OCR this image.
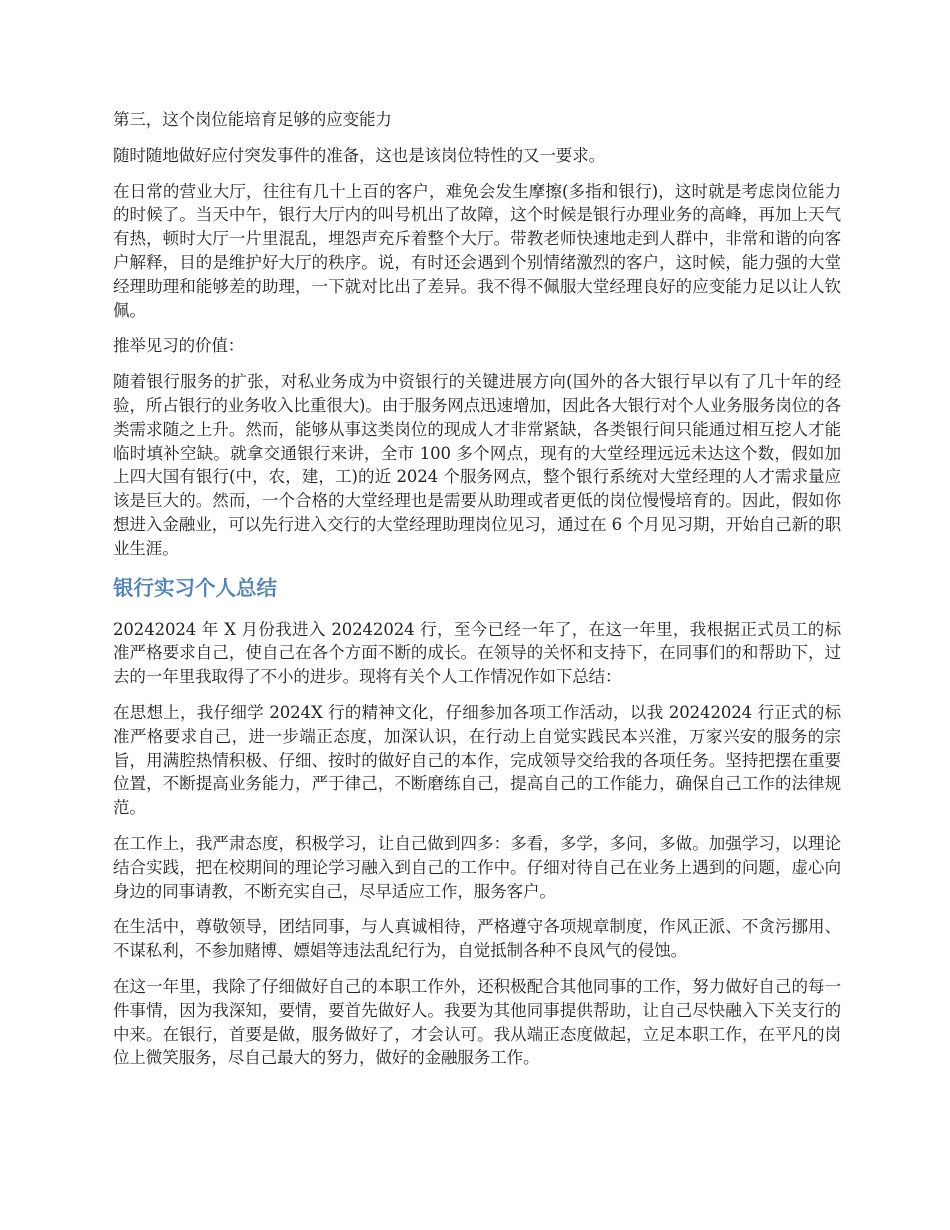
第三，这个岗位能培育足够的应变能力

随时随地做好应付突发事件的准备，这也是该岗位特性的又一要求。

在日常的营业大厅，往往有几十上百的客户，难免会发生摩擦(多指和银行)，这时就是考虑岗位能力的时候了。当天中午，银行大厅内的叫号机出了故障，这个时候是银行办理业务的高峰，再加上天气有热，顿时大厅一片里混乱，埋怨声充斥着整个大厅。带教老师快速地走到人群中，非常和谐的向客户解释，目的是维护好大厅的秩序。说，有时还会遇到个别情绪激烈的客户，这时候，能力强的大堂经理助理和能够差的助理，一下就对比出了差异。我不得不佩服大堂经理良好的应变能力足以让人钦佩。

推举见习的价值：

随着银行服务的扩张，对私业务成为中资银行的关键进展方向(国外的各大银行早以有了几十年的经验，所占银行的业务收入比重很大)。由于服务网点迅速增加，因此各大银行对个人业务服务岗位的各类需求随之上升。然而，能够从事这类岗位的现成人才非常紧缺，各类银行间只能通过相互挖人才能临时填补空缺。就拿交通银行来讲，全市 100 多个网点，现有的大堂经理远远未达这个数，假如加上四大国有银行(中，农，建，工)的近 2024 个服务网点，整个银行系统对大堂经理的人才需求量应该是巨大的。然而，一个合格的大堂经理也是需要从助理或者更低的岗位慢慢培育的。因此，假如你想进入金融业，可以先行进入交行的大堂经理助理岗位见习，通过在 6 个月见习期，开始自己新的职业生涯。

银行实习个人总结

20242024 年 X 月份我进入 20242024 行，至今已经一年了，在这一年里，我根据正式员工的标准严格要求自己，使自己在各个方面不断的成长。在领导的关怀和支持下，在同事们的和帮助下，过去的一年里我取得了不小的进步。现将有关个人工作情况作如下总结：

在思想上，我仔细学 2024X 行的精神文化，仔细参加各项工作活动，以我 20242024 行正式的标准严格要求自己，进一步端正态度，加深认识，在行动上自觉实践民本兴淮，万家兴安的服务的宗旨，用满腔热情积极、仔细、按时的做好自己的本作，完成领导交给我的各项任务。坚持把摆在重要位置，不断提高业务能力，严于律己，不断磨练自己，提高自己的工作能力，确保自己工作的法律规范。

在工作上，我严肃态度，积极学习，让自己做到四多：多看，多学，多问，多做。加强学习，以理论结合实践，把在校期间的理论学习融入到自己的工作中。仔细对待自己在业务上遇到的问题，虚心向身边的同事请教，不断充实自己，尽早适应工作，服务客户。

在生活中，尊敬领导，团结同事，与人真诚相待，严格遵守各项规章制度，作风正派、不贪污挪用、不谋私利，不参加赌博、嫖娼等违法乱纪行为，自觉抵制各种不良风气的侵蚀。

在这一年里，我除了仔细做好自己的本职工作外，还积极配合其他同事的工作，努力做好自己的每一件事情，因为我深知，要情，要首先做好人。我要为其他同事提供帮助，让自己尽快融入下关支行的中来。在银行，首要是做，服务做好了，才会认可。我从端正态度做起，立足本职工作，在平凡的岗位上微笑服务，尽自己最大的努力，做好的金融服务工作。
